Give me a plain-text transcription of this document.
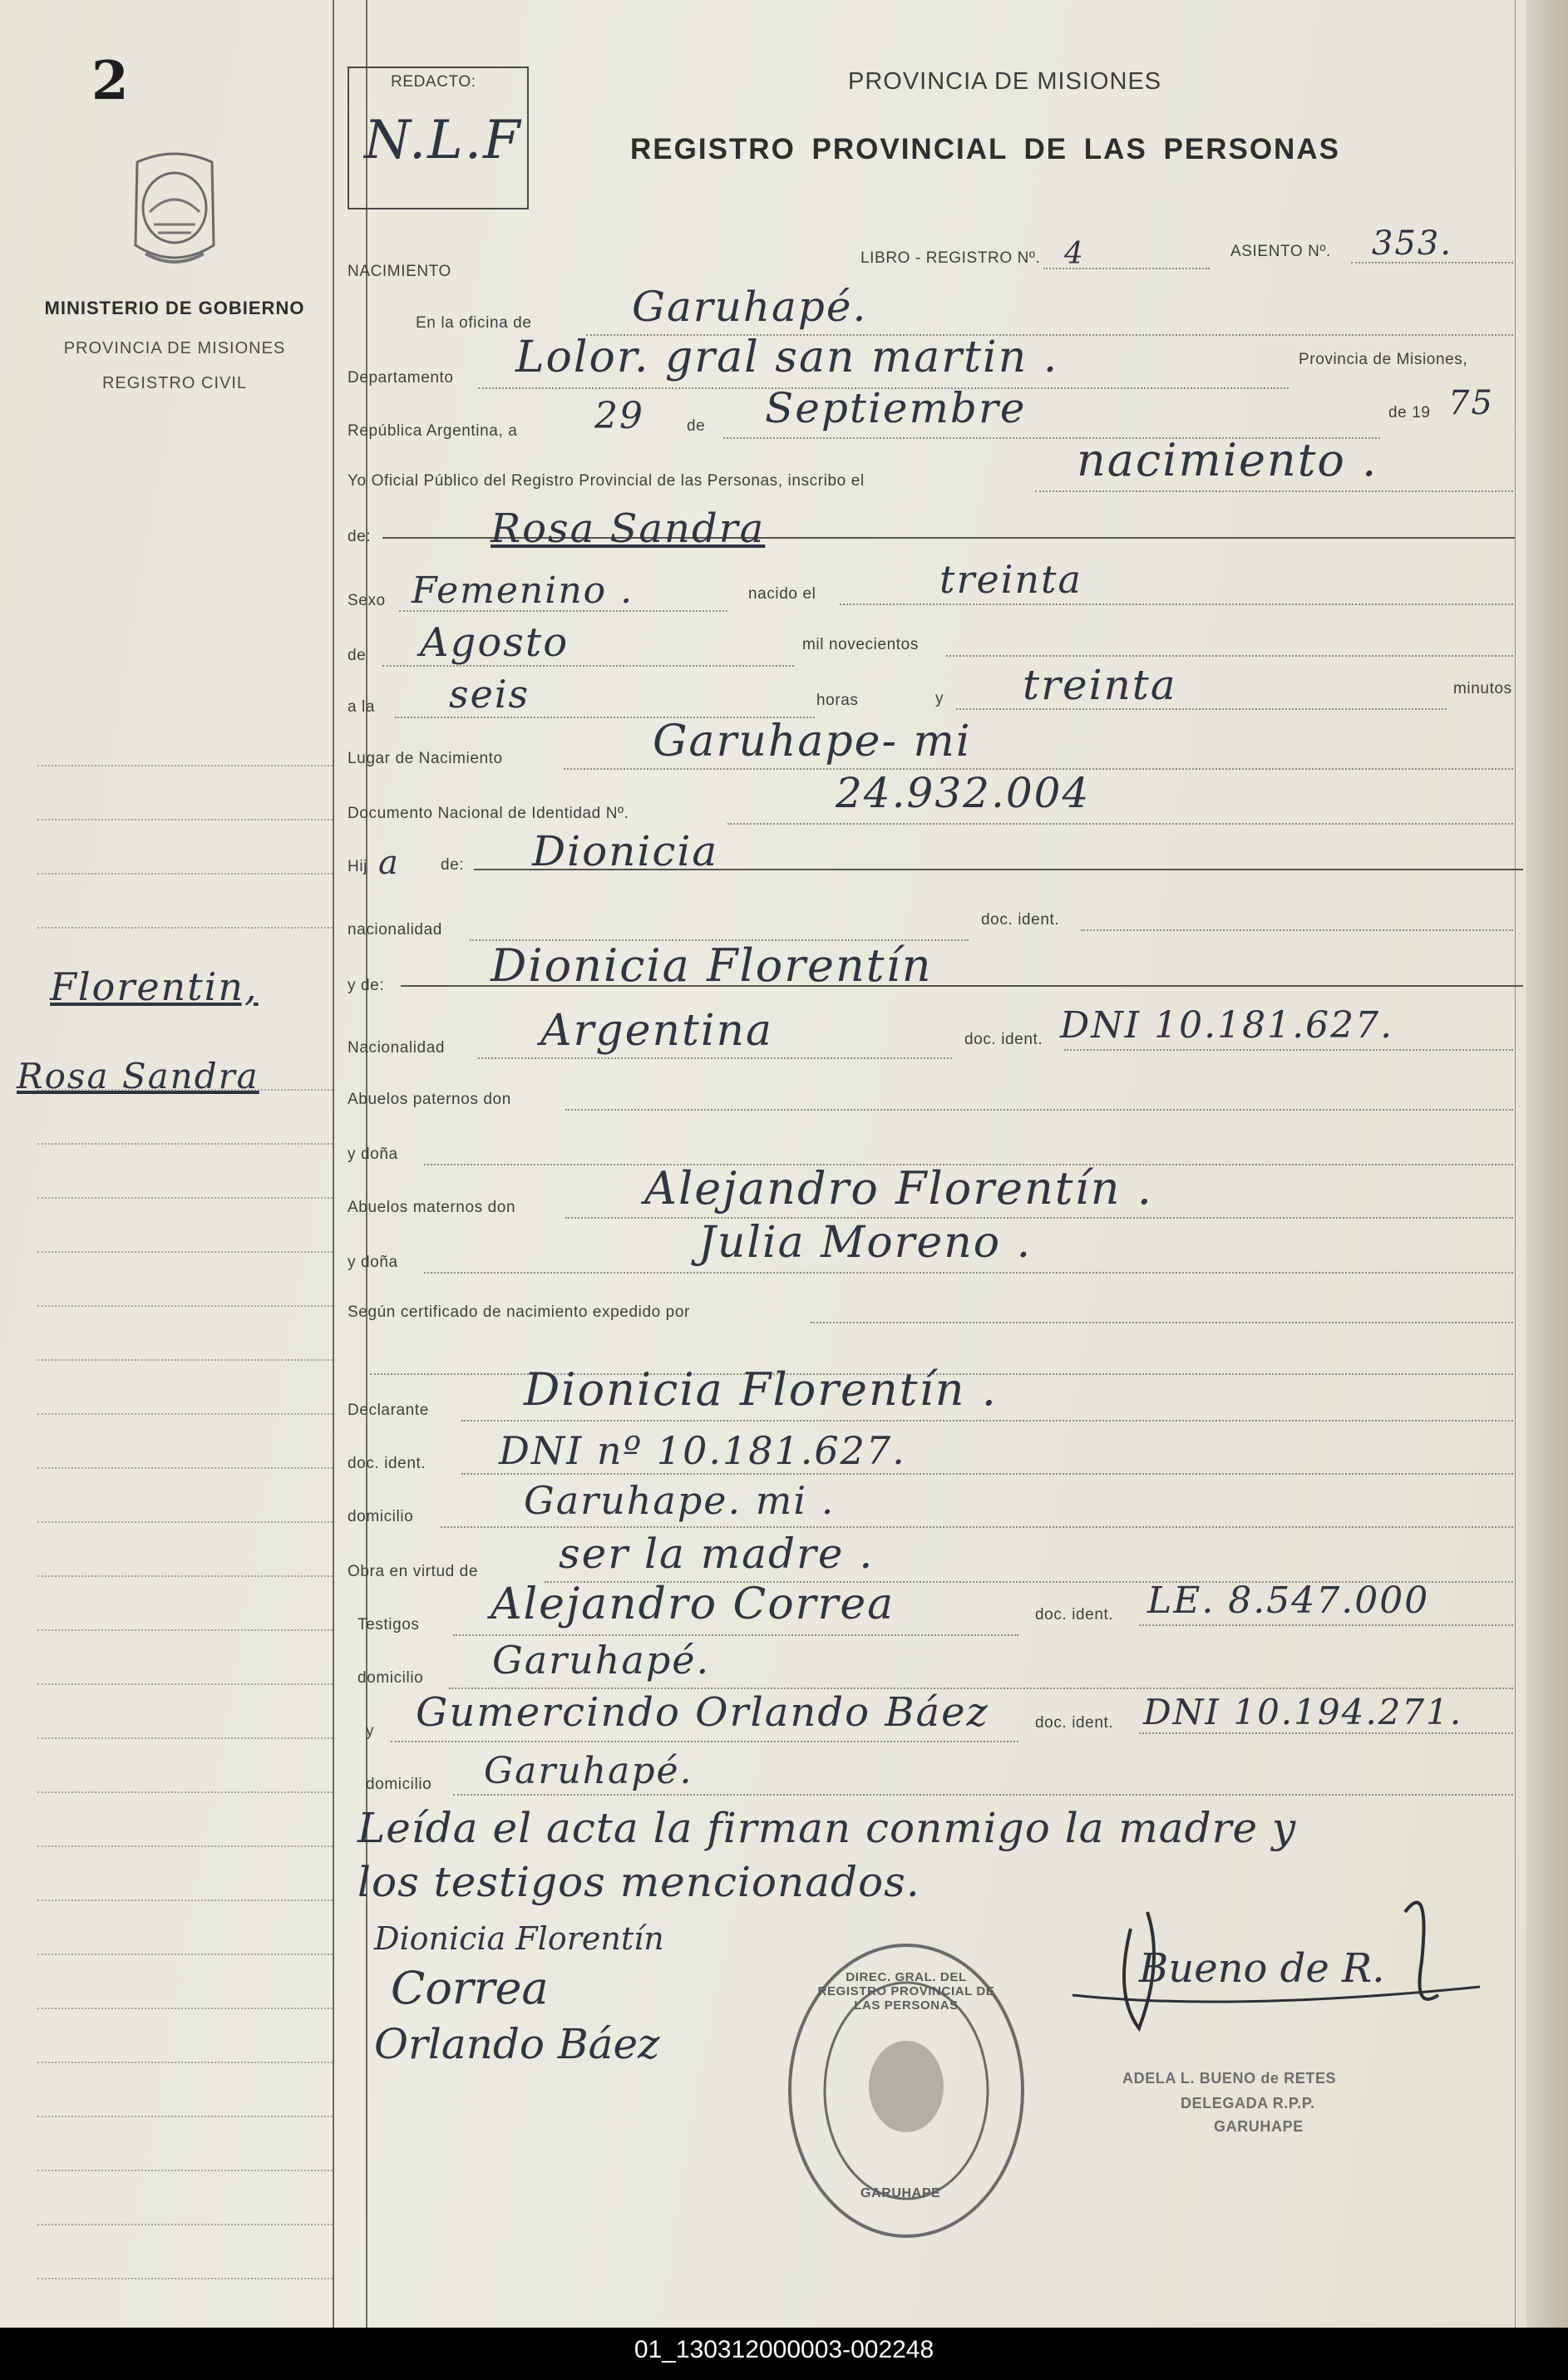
2
MINISTERIO DE GOBIERNO
PROVINCIA DE MISIONES
REGISTRO CIVIL
Florentin,
Rosa Sandra
REDACTO:
N.L.F
PROVINCIA DE MISIONES
REGISTRO PROVINCIAL DE LAS PERSONAS
NACIMIENTO
LIBRO - REGISTRO Nº. 4	ASIENTO Nº. 353.
En la oficina de Garuhapé.
Departamento Lolor. gral san martin .	Provincia de Misiones,
República Argentina, a 29	de Septiembre	de 19 75
Yo Oficial Público del Registro Provincial de las Personas, inscribo el	nacimiento .
de:	Rosa Sandra
Sexo Femenino .	nacido el	treinta
de Agosto	mil novecientos
a la seis	horas	y treinta	minutos
Lugar de Nacimiento	Garuhape- mi
Documento Nacional de Identidad Nº.	24.932.004
Hij a	de: Dionicia
nacionalidad
doc. ident.
y de: Dionicia Florentín
Nacionalidad Argentina	doc. ident. DNI 10.181.627.
Abuelos paternos don
y doña
Abuelos maternos don	Alejandro Florentín .
y doña	Julia Moreno .
Según certificado de nacimiento expedido por
Declarante Dionicia Florentín .
doc. ident. DNI nº 10.181.627.
domicilio	Garuhape. mi .
Obra en virtud de ser la madre .
Testigos Alejandro Correa	doc. ident. LE. 8.547.000
domicilio Garuhapé.
y Gumercindo Orlando Báez	doc. ident. DNI 10.194.271.
domicilio Garuhapé.
Leída el acta la firman conmigo la madre y
los testigos mencionados.
Dionicia Florentín
Correa
Orlando Báez
Bueno de R.
ADELA L. BUENO de RETES
DELEGADA R.P.P.
GARUHAPE
DIREC. GRAL. DEL REGISTRO PROVINCIAL DE LAS PERSONAS
GARUHAPE
01_130312000003-002248
